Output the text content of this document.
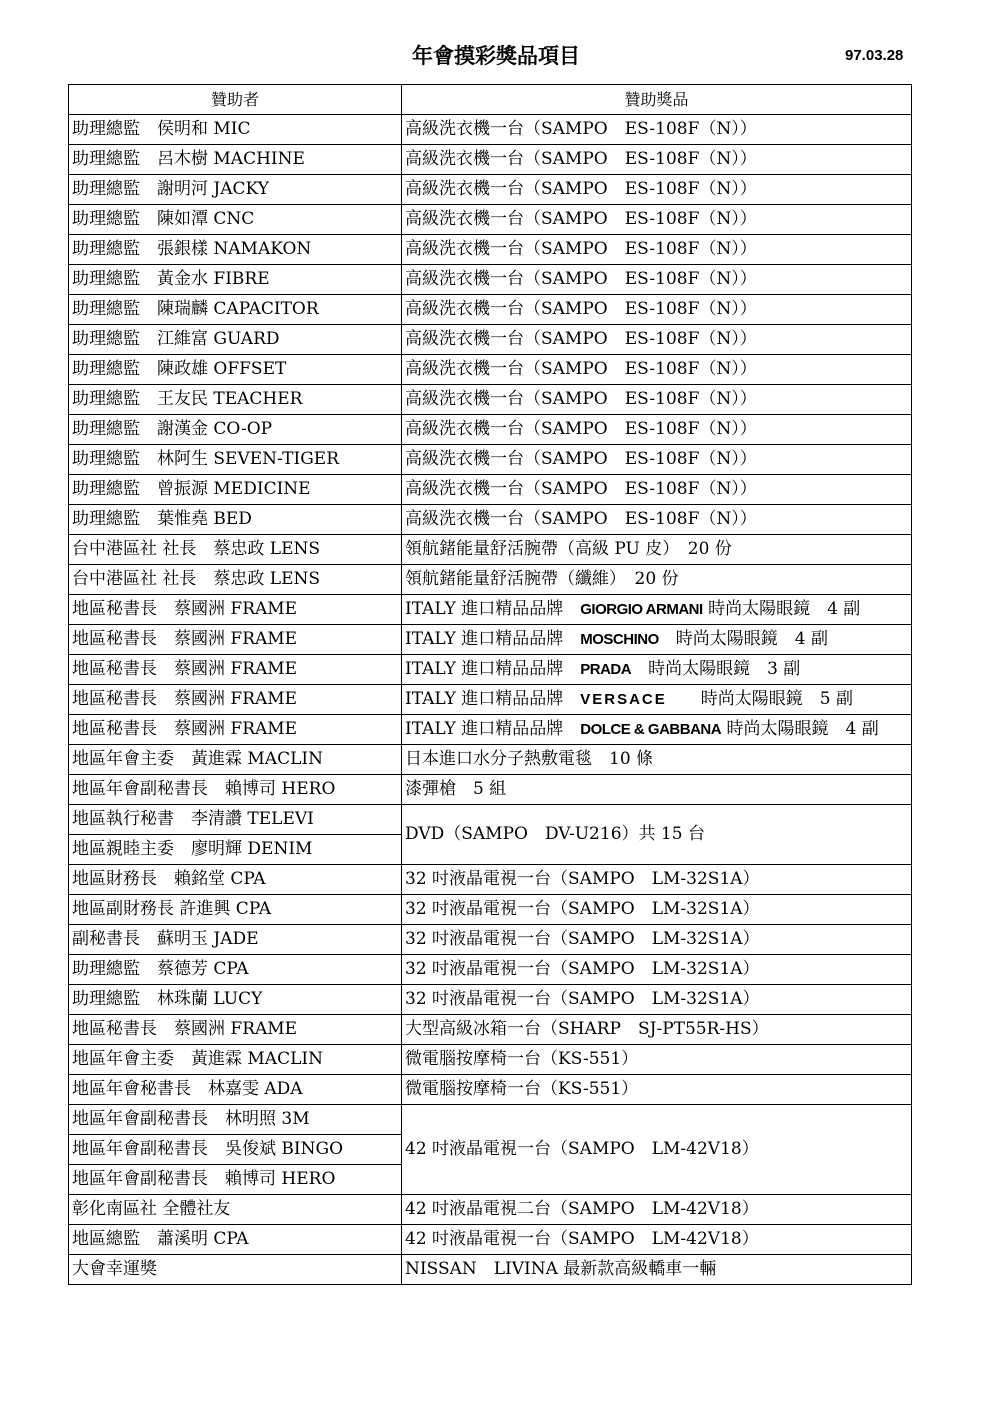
年會摸彩獎品項目	97.03.28
贊助者	贊助獎品
助理總監　侯明和 MIC	高級洗衣機一台（SAMPO　ES-108F（N））
助理總監　呂木樹 MACHINE	高級洗衣機一台（SAMPO　ES-108F（N））
助理總監　謝明河 JACKY	高級洗衣機一台（SAMPO　ES-108F（N））
助理總監　陳如潭 CNC	高級洗衣機一台（SAMPO　ES-108F（N））
助理總監　張銀樣 NAMAKON	高級洗衣機一台（SAMPO　ES-108F（N））
助理總監　黃金水 FIBRE	高級洗衣機一台（SAMPO　ES-108F（N））
助理總監　陳瑞麟 CAPACITOR	高級洗衣機一台（SAMPO　ES-108F（N））
助理總監　江維富 GUARD	高級洗衣機一台（SAMPO　ES-108F（N））
助理總監　陳政雄 OFFSET	高級洗衣機一台（SAMPO　ES-108F（N））
助理總監　王友民 TEACHER	高級洗衣機一台（SAMPO　ES-108F（N））
助理總監　謝漢金 CO-OP	高級洗衣機一台（SAMPO　ES-108F（N））
助理總監　林阿生 SEVEN-TIGER	高級洗衣機一台（SAMPO　ES-108F（N））
助理總監　曾振源 MEDICINE	高級洗衣機一台（SAMPO　ES-108F（N））
助理總監　葉惟堯 BED	高級洗衣機一台（SAMPO　ES-108F（N））
台中港區社 社長　蔡忠政 LENS	領航鍺能量舒活腕帶（高級 PU 皮）　20 份
台中港區社 社長　蔡忠政 LENS	領航鍺能量舒活腕帶（纖維）　20 份
地區秘書長　蔡國洲 FRAME	ITALY 進口精品品牌　GIORGIO ARMANI 時尚太陽眼鏡　4 副
地區秘書長　蔡國洲 FRAME	ITALY 進口精品品牌　MOSCHINO　時尚太陽眼鏡　4 副
地區秘書長　蔡國洲 FRAME	ITALY 進口精品品牌　PRADA　時尚太陽眼鏡　3 副
地區秘書長　蔡國洲 FRAME	ITALY 進口精品品牌　VERSACE　　時尚太陽眼鏡　5 副
地區秘書長　蔡國洲 FRAME	ITALY 進口精品品牌　DOLCE & GABBANA 時尚太陽眼鏡　4 副
地區年會主委　黃進霖 MACLIN	日本進口水分子熱敷電毯　10 條
地區年會副秘書長　賴博司 HERO	漆彈槍　5 組
地區執行秘書　李清讚 TELEVI	DVD（SAMPO　DV-U216）共 15 台
地區親睦主委　廖明輝 DENIM	
地區財務長　賴銘堂 CPA	32 吋液晶電視一台（SAMPO　LM-32S1A）
地區副財務長 許進興 CPA	32 吋液晶電視一台（SAMPO　LM-32S1A）
副秘書長　蘇明玉 JADE	32 吋液晶電視一台（SAMPO　LM-32S1A）
助理總監　蔡德芳 CPA	32 吋液晶電視一台（SAMPO　LM-32S1A）
助理總監　林珠蘭 LUCY	32 吋液晶電視一台（SAMPO　LM-32S1A）
地區秘書長　蔡國洲 FRAME	大型高級冰箱一台（SHARP　SJ-PT55R-HS）
地區年會主委　黃進霖 MACLIN	微電腦按摩椅一台（KS-551）
地區年會秘書長　林嘉雯 ADA	微電腦按摩椅一台（KS-551）
地區年會副秘書長　林明照 3M	42 吋液晶電視一台（SAMPO　LM-42V18）
地區年會副秘書長　吳俊斌 BINGO	
地區年會副秘書長　賴博司 HERO	
彰化南區社 全體社友	42 吋液晶電視二台（SAMPO　LM-42V18）
地區總監　蕭溪明 CPA	42 吋液晶電視一台（SAMPO　LM-42V18）
大會幸運獎	NISSAN　LIVINA 最新款高級轎車一輛
